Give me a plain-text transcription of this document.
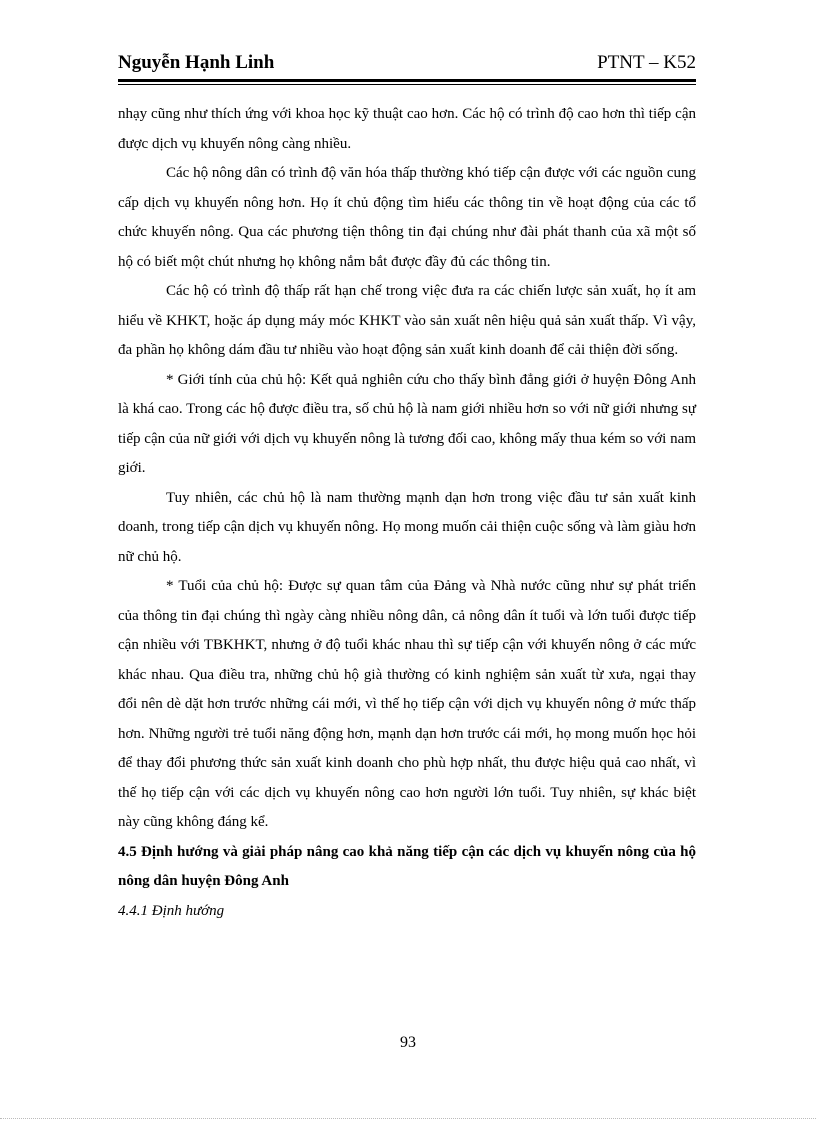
Nguyễn Hạnh Linh	PTNT – K52

nhạy cũng như thích ứng với khoa học kỹ thuật cao hơn. Các hộ có trình độ cao hơn thì tiếp cận được dịch vụ khuyến nông càng nhiều.

Các hộ nông dân có trình độ văn hóa thấp thường khó tiếp cận được với các nguồn cung cấp dịch vụ khuyến nông hơn. Họ ít chủ động tìm hiểu các thông tin về hoạt động của các tổ chức khuyến nông. Qua các phương tiện thông tin đại chúng như đài phát thanh của xã một số hộ có biết một chút nhưng họ không nắm bắt được đầy đủ các thông tin.

Các hộ có trình độ thấp rất hạn chế trong việc đưa ra các chiến lược sản xuất, họ ít am hiểu về KHKT, hoặc áp dụng máy móc KHKT vào sản xuất nên hiệu quả sản xuất thấp. Vì vậy, đa phần họ không dám đầu tư nhiều vào hoạt động sản xuất kinh doanh để cải thiện đời sống.

* Giới tính của chủ hộ: Kết quả nghiên cứu cho thấy bình đẳng giới ở huyện Đông Anh là khá cao. Trong các hộ được điều tra, số chủ hộ là nam giới nhiều hơn so với nữ giới nhưng sự tiếp cận của nữ giới với dịch vụ khuyến nông là tương đối cao, không mấy thua kém so với nam giới.

Tuy nhiên, các chủ hộ là nam thường mạnh dạn hơn trong việc đầu tư sản xuất kinh doanh, trong tiếp cận dịch vụ khuyến nông. Họ mong muốn cải thiện cuộc sống và làm giàu hơn nữ chủ hộ.

* Tuổi của chủ hộ: Được sự quan tâm của Đảng và Nhà nước cũng như sự phát triển của thông tin đại chúng thì ngày càng nhiều nông dân, cả nông dân ít tuổi và lớn tuổi được tiếp cận nhiều với TBKHKT, nhưng ở độ tuổi khác nhau thì sự tiếp cận với khuyến nông ở các mức khác nhau. Qua điều tra, những chủ hộ già thường có kinh nghiệm sản xuất từ xưa, ngại thay đổi nên dè dặt hơn trước những cái mới, vì thế họ tiếp cận với dịch vụ khuyến nông ở mức thấp hơn. Những người trẻ tuổi năng động hơn, mạnh dạn hơn trước cái mới, họ mong muốn học hỏi để thay đổi phương thức sản xuất kinh doanh cho phù hợp nhất, thu được hiệu quả cao nhất, vì thế họ tiếp cận với các dịch vụ khuyến nông cao hơn người lớn tuổi. Tuy nhiên, sự khác biệt này cũng không đáng kể.

4.5 Định hướng và giải pháp nâng cao khả năng tiếp cận các dịch vụ khuyến nông của hộ nông dân huyện Đông Anh
4.4.1 Định hướng
93
